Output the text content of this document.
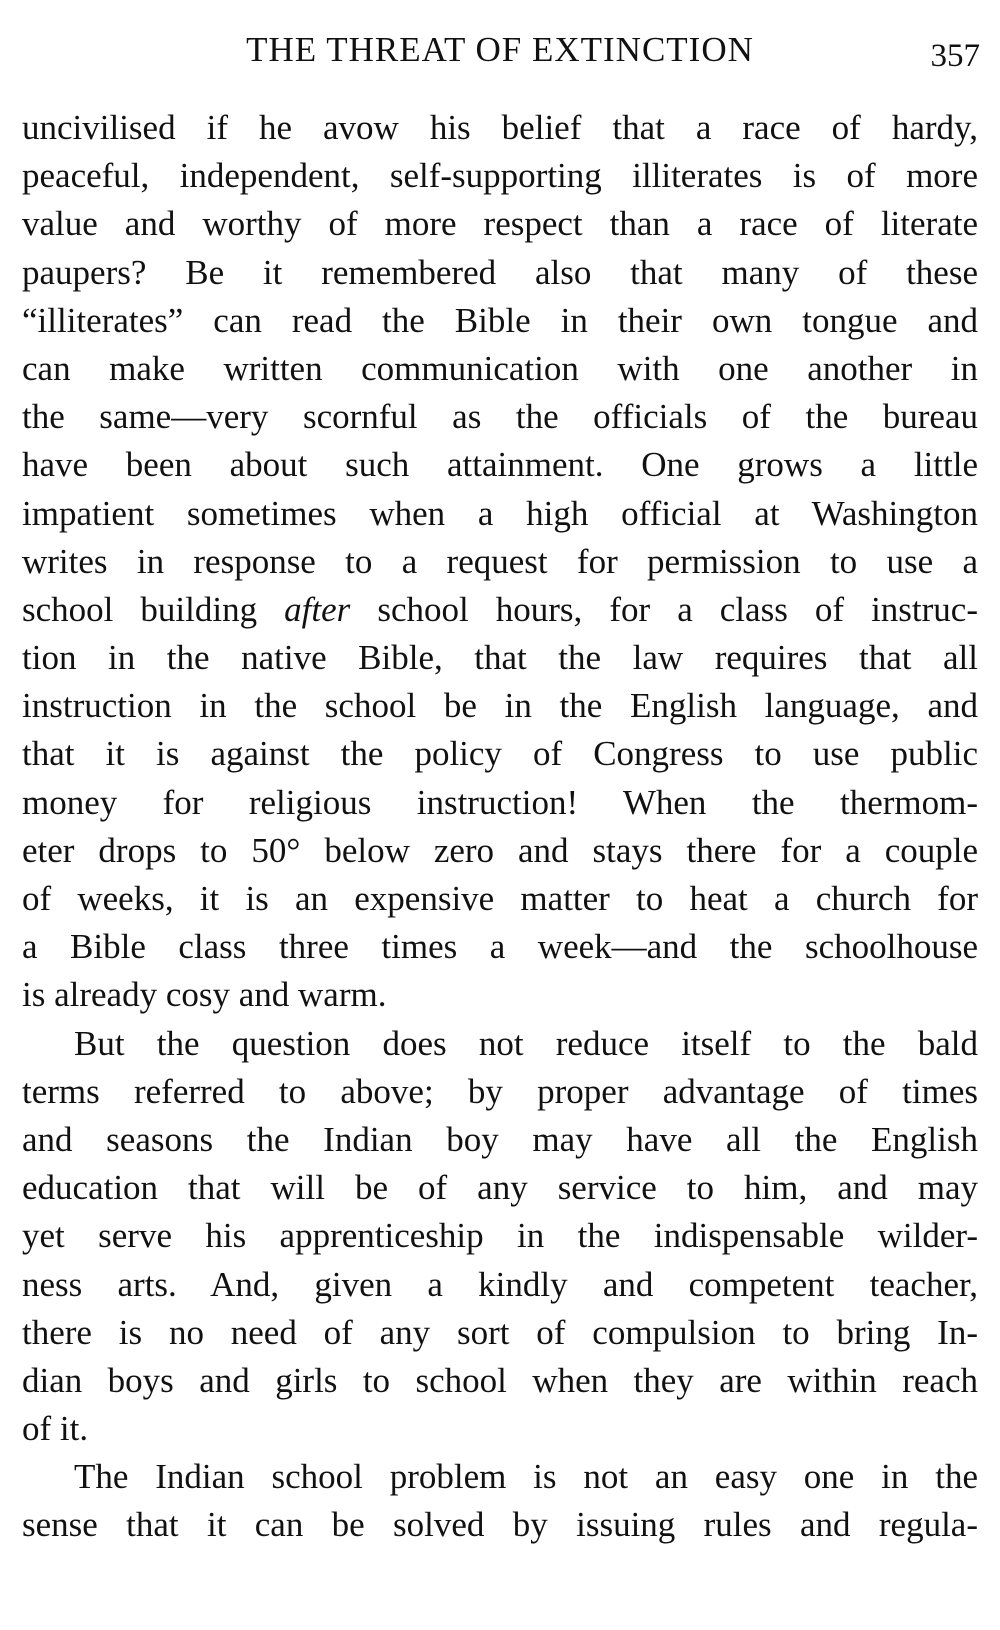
THE THREAT OF EXTINCTION	357
uncivilised if he avow his belief that a race of hardy,
peaceful, independent, self-supporting illiterates is of more
value and worthy of more respect than a race of literate
paupers? Be it remembered also that many of these
“illiterates” can read the Bible in their own tongue and
can make written communication with one another in
the same—very scornful as the officials of the bureau
have been about such attainment. One grows a little
impatient sometimes when a high official at Washington
writes in response to a request for permission to use a
school building after school hours, for a class of instruc-
tion in the native Bible, that the law requires that all
instruction in the school be in the English language, and
that it is against the policy of Congress to use public
money for religious instruction! When the thermom-
eter drops to 50° below zero and stays there for a couple
of weeks, it is an expensive matter to heat a church for
a Bible class three times a week—and the schoolhouse
is already cosy and warm.
But the question does not reduce itself to the bald
terms referred to above; by proper advantage of times
and seasons the Indian boy may have all the English
education that will be of any service to him, and may
yet serve his apprenticeship in the indispensable wilder-
ness arts. And, given a kindly and competent teacher,
there is no need of any sort of compulsion to bring In-
dian boys and girls to school when they are within reach
of it.
The Indian school problem is not an easy one in the
sense that it can be solved by issuing rules and regula-
